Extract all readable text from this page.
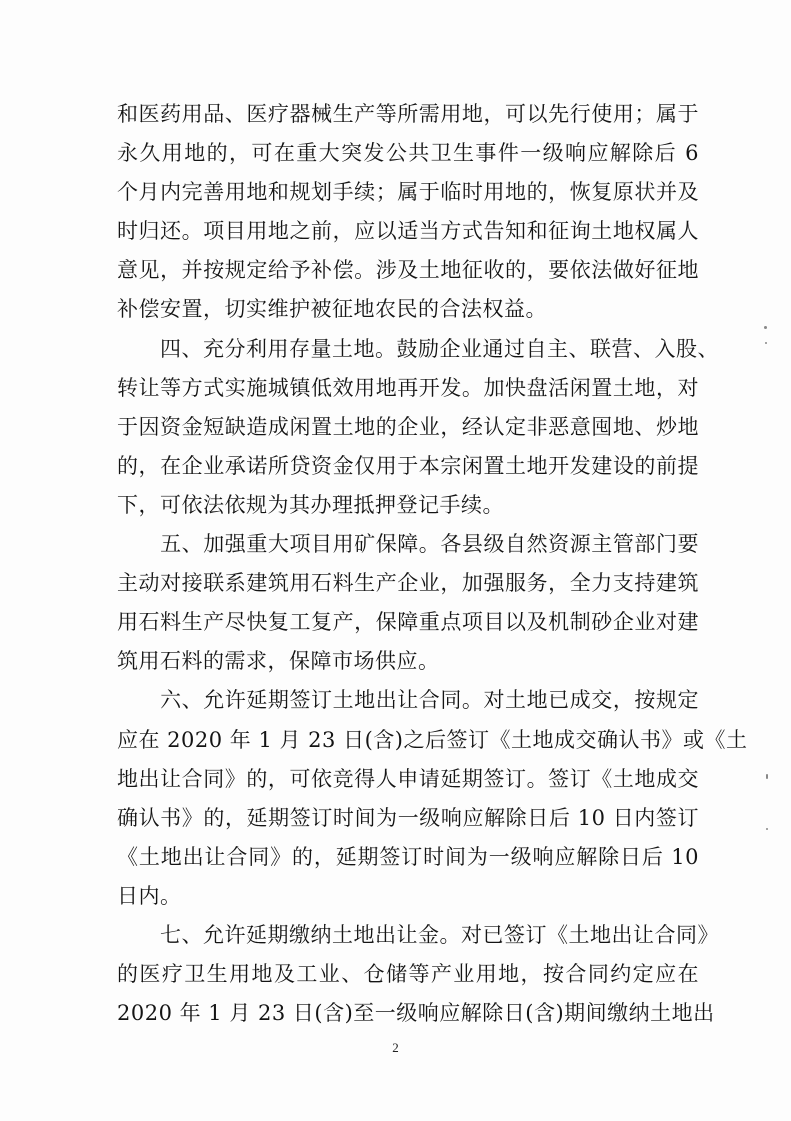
和医药用品、医疗器械生产等所需用地，可以先行使用；属于
永久用地的，可在重大突发公共卫生事件一级响应解除后 6
个月内完善用地和规划手续；属于临时用地的，恢复原状并及
时归还。项目用地之前，应以适当方式告知和征询土地权属人
意见，并按规定给予补偿。涉及土地征收的，要依法做好征地
补偿安置，切实维护被征地农民的合法权益。
　　四、充分利用存量土地。鼓励企业通过自主、联营、入股、
转让等方式实施城镇低效用地再开发。加快盘活闲置土地，对
于因资金短缺造成闲置土地的企业，经认定非恶意囤地、炒地
的，在企业承诺所贷资金仅用于本宗闲置土地开发建设的前提
下，可依法依规为其办理抵押登记手续。
　　五、加强重大项目用矿保障。各县级自然资源主管部门要
主动对接联系建筑用石料生产企业，加强服务，全力支持建筑
用石料生产尽快复工复产，保障重点项目以及机制砂企业对建
筑用石料的需求，保障市场供应。
　　六、允许延期签订土地出让合同。对土地已成交，按规定
应在 2020 年 1 月 23 日(含)之后签订《土地成交确认书》或《土
地出让合同》的，可依竞得人申请延期签订。签订《土地成交
确认书》的，延期签订时间为一级响应解除日后 10 日内签订
《土地出让合同》的，延期签订时间为一级响应解除日后 10
日内。
　　七、允许延期缴纳土地出让金。对已签订《土地出让合同》
的医疗卫生用地及工业、仓储等产业用地，按合同约定应在
2020 年 1 月 23 日(含)至一级响应解除日(含)期间缴纳土地出
2
